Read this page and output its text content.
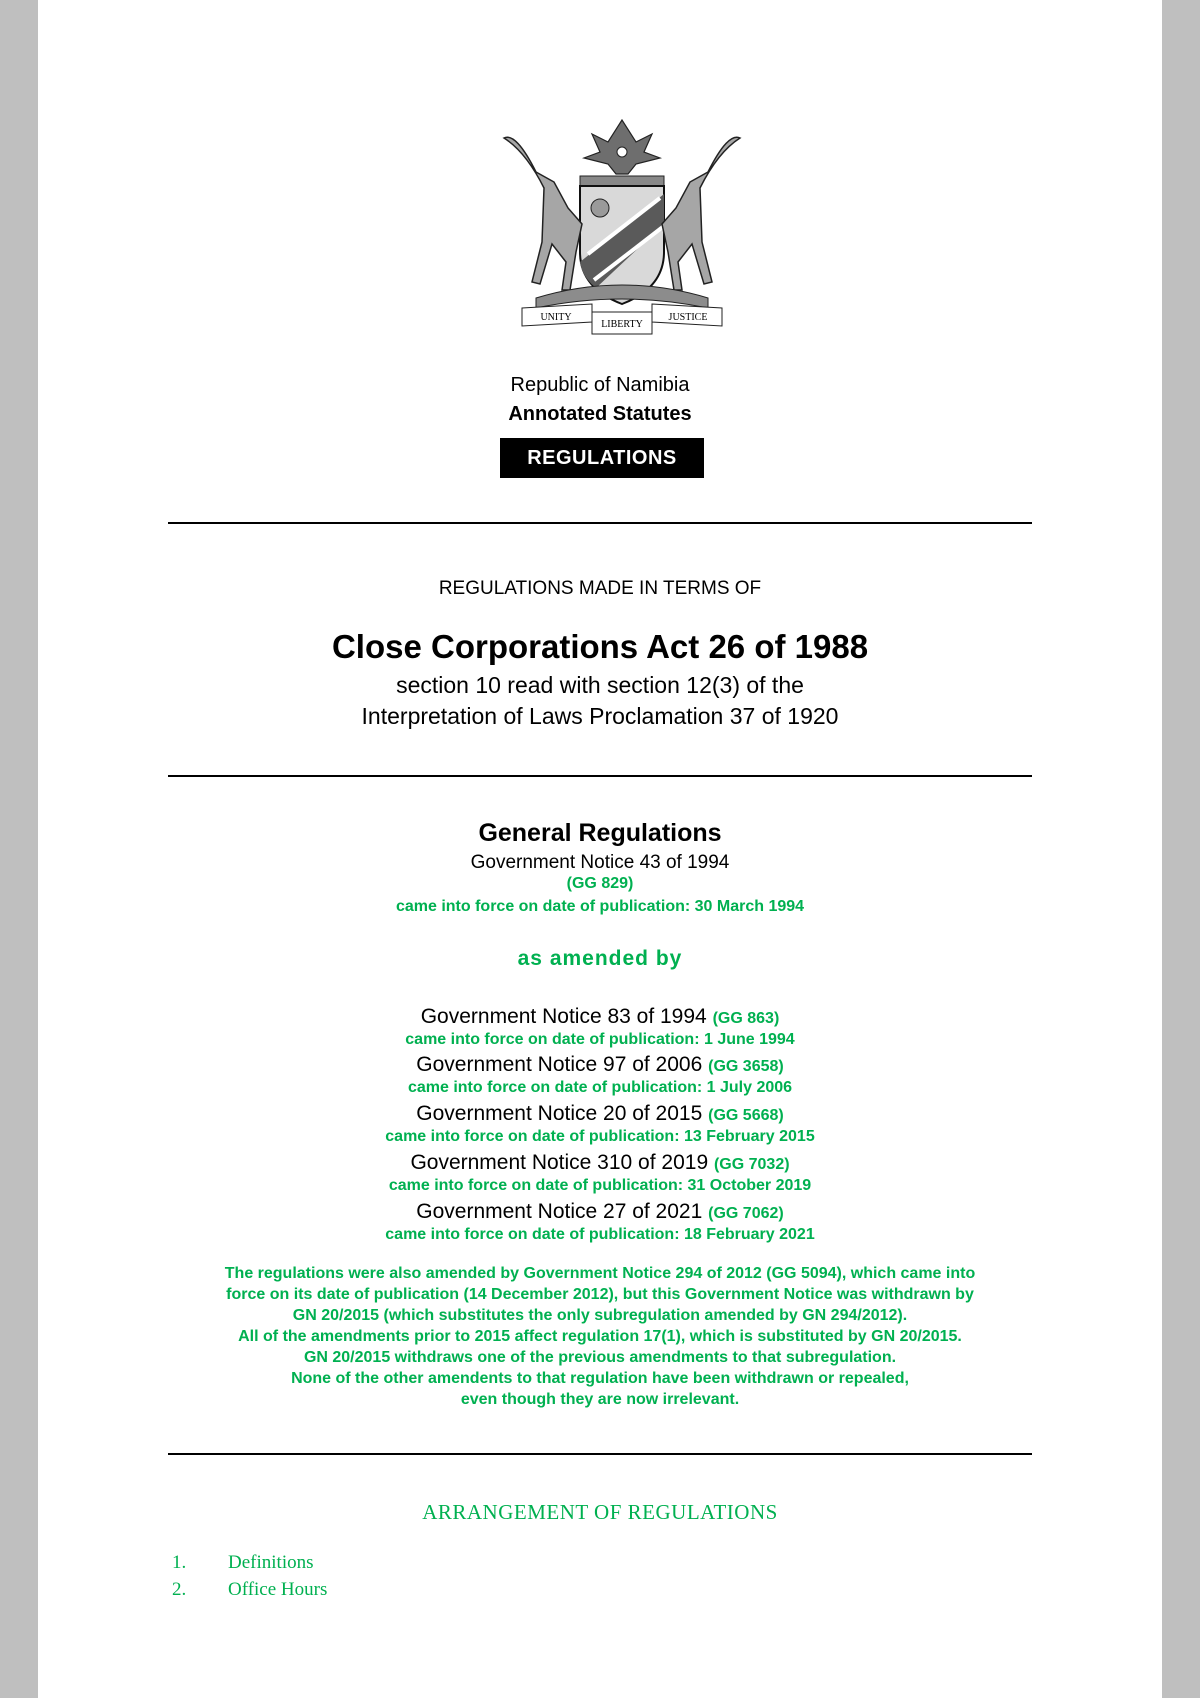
UNITY
LIBERTY
JUSTICE
Republic of Namibia
Annotated Statutes
REGULATIONS
REGULATIONS MADE IN TERMS OF
Close Corporations Act 26 of 1988
section 10 read with section 12(3) of the
Interpretation of Laws Proclamation 37 of 1920
General Regulations
Government Notice 43 of 1994
(GG 829)
came into force on date of publication: 30 March 1994
as amended by
Government Notice 83 of 1994 (GG 863)
came into force on date of publication: 1 June 1994
Government Notice 97 of 2006 (GG 3658)
came into force on date of publication: 1 July 2006
Government Notice 20 of 2015 (GG 5668)
came into force on date of publication: 13 February 2015
Government Notice 310 of 2019 (GG 7032)
came into force on date of publication: 31 October 2019
Government Notice 27 of 2021 (GG 7062)
came into force on date of publication: 18 February 2021
The regulations were also amended by Government Notice 294 of 2012 (GG 5094), which came into
force on its date of publication (14 December 2012), but this Government Notice was withdrawn by
GN 20/2015 (which substitutes the only subregulation amended by GN 294/2012).
All of the amendments prior to 2015 affect regulation 17(1), which is substituted by GN 20/2015.
GN 20/2015 withdraws one of the previous amendments to that subregulation.
None of the other amendents to that regulation have been withdrawn or repealed,
even though they are now irrelevant.
ARRANGEMENT OF REGULATIONS
1. Definitions
2. Office Hours
